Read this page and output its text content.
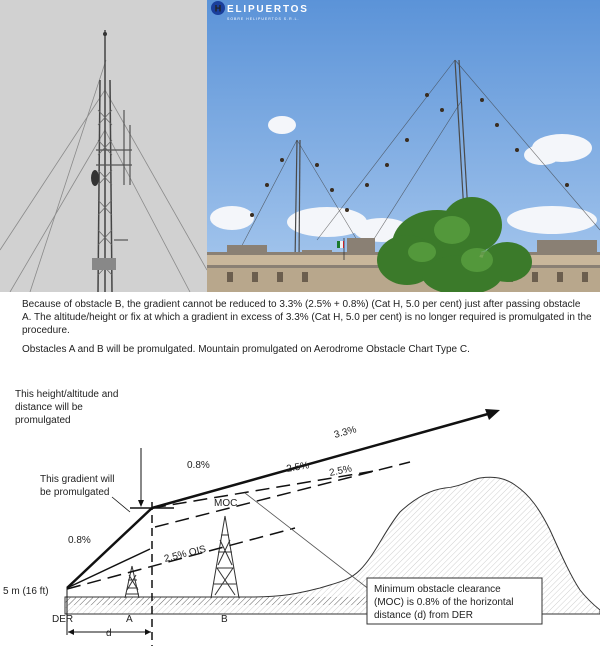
H ELIPUERTOS
SOBRE HELIPUERTOS S.R.L.

Because of obstacle B, the gradient cannot be reduced to 3.3% (2.5% + 0.8%) (Cat H, 5.0 per cent) just after passing obstacle A. The altitude/height or fix at which a gradient in excess of 3.3% (Cat H, 5.0 per cent) is no longer required is promulgated in the procedure.

Obstacles A and B will be promulgated. Mountain promulgated on Aerodrome Obstacle Chart Type C.

This height/altitude and
distance will be
promulgated
This gradient will
be promulgated
3.3%
0.8%	2.5% 2.5%
MOC
0.8%
2.5% OIS
5 m (16 ft)
DER	A	B
d
Minimum obstacle clearance
(MOC) is 0.8% of the horizontal
distance (d) from DER
